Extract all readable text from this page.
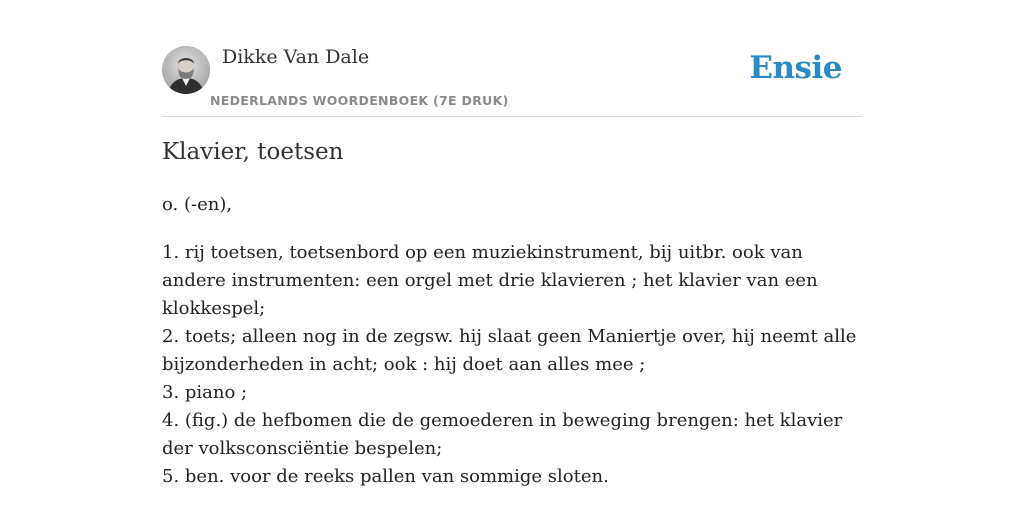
Dikke Van Dale
NEDERLANDS WOORDENBOEK (7E DRUK)
Ensie
Klavier, toetsen

o. (-en),

1. rij toetsen, toetsenbord op een muziekinstrument, bij uitbr. ook van andere instrumenten: een orgel met drie klavieren ; het klavier van een klokkespel;
2. toets; alleen nog in de zegsw. hij slaat geen Maniertje over, hij neemt alle bijzonderheden in acht; ook : hij doet aan alles mee ;
3. piano ;
4. (fig.) de hefbomen die de gemoederen in beweging brengen: het klavier der volksconsciëntie bespelen;
5. ben. voor de reeks pallen van sommige sloten.
